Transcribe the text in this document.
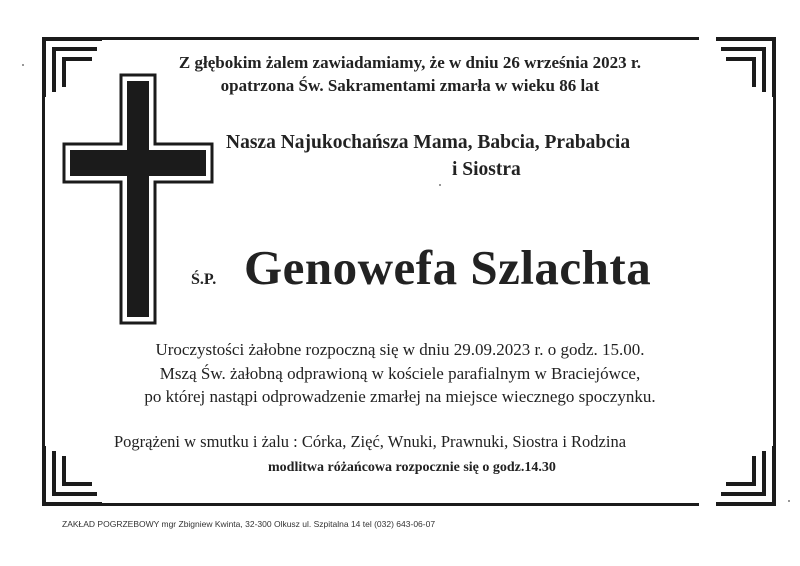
Z głębokim żalem zawiadamiamy, że w dniu 26 września 2023 r.
opatrzona Św. Sakramentami zmarła w wieku 86 lat
Nasza Najukochańsza Mama, Babcia, Prababcia
i Siostra
Ś.P. Genowefa Szlachta
Uroczystości żałobne rozpoczną się w dniu 29.09.2023 r. o godz. 15.00.
Mszą Św. żałobną odprawioną w kościele parafialnym w Braciejówce,
po której nastąpi odprowadzenie zmarłej na miejsce wiecznego spoczynku.
Pogrążeni w smutku i żalu : Córka, Zięć, Wnuki, Prawnuki, Siostra i Rodzina
modlitwa różańcowa rozpocznie się o godz.14.30
ZAKŁAD POGRZEBOWY mgr Zbigniew Kwinta, 32-300 Olkusz ul. Szpitalna 14 tel (032) 643-06-07
